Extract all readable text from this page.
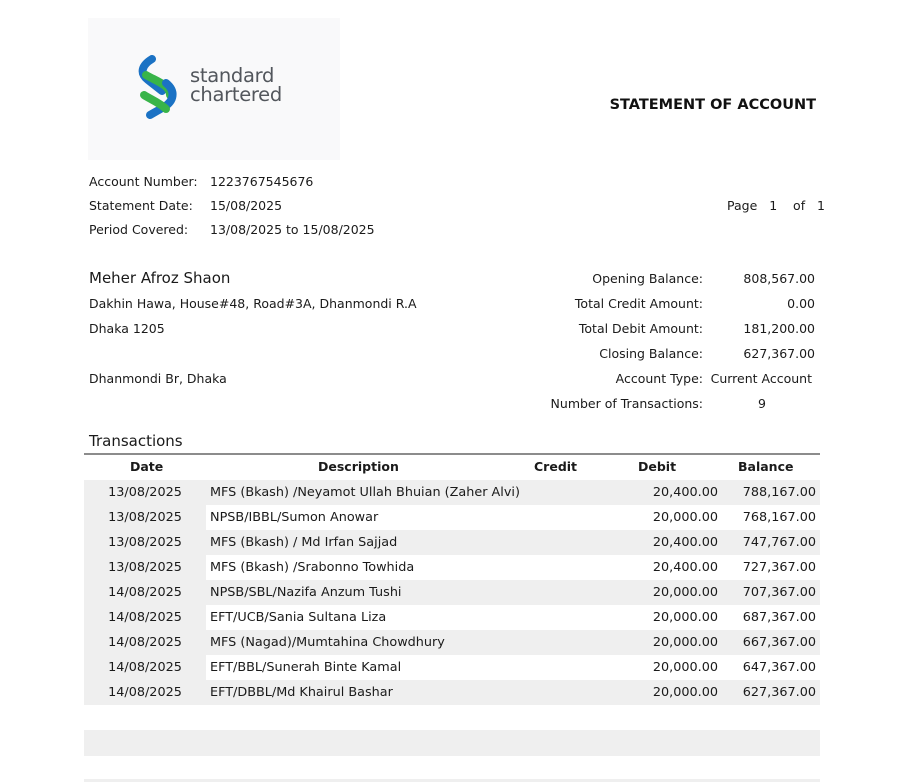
standard
chartered	STATEMENT OF ACCOUNT
Account Number: 1223767545676
Statement Date: 15/08/2025
Period Covered: 13/08/2025 to 15/08/2025
Page 1 of 1
Meher Afroz Shaon
Dakhin Hawa, House#48, Road#3A, Dhanmondi R.A
Dhaka 1205
Dhanmondi Br, Dhaka
Opening Balance:	808,567.00
Total Credit Amount:	0.00
Total Debit Amount:	181,200.00
Closing Balance:	627,367.00
Account Type: Current Account
Number of Transactions:	9
Transactions
Date	Description	Credit	Debit	Balance
13/08/2025	MFS (Bkash) /Neyamot Ullah Bhuian (Zaher Alvi)		20,400.00	788,167.00
13/08/2025	NPSB/IBBL/Sumon Anowar		20,000.00	768,167.00
13/08/2025	MFS (Bkash) / Md Irfan Sajjad		20,400.00	747,767.00
13/08/2025	MFS (Bkash) /Srabonno Towhida		20,400.00	727,367.00
14/08/2025	NPSB/SBL/Nazifa Anzum Tushi		20,000.00	707,367.00
14/08/2025	EFT/UCB/Sania Sultana Liza		20,000.00	687,367.00
14/08/2025	MFS (Nagad)/Mumtahina Chowdhury		20,000.00	667,367.00
14/08/2025	EFT/BBL/Sunerah Binte Kamal		20,000.00	647,367.00
14/08/2025	EFT/DBBL/Md Khairul Bashar		20,000.00	627,367.00
